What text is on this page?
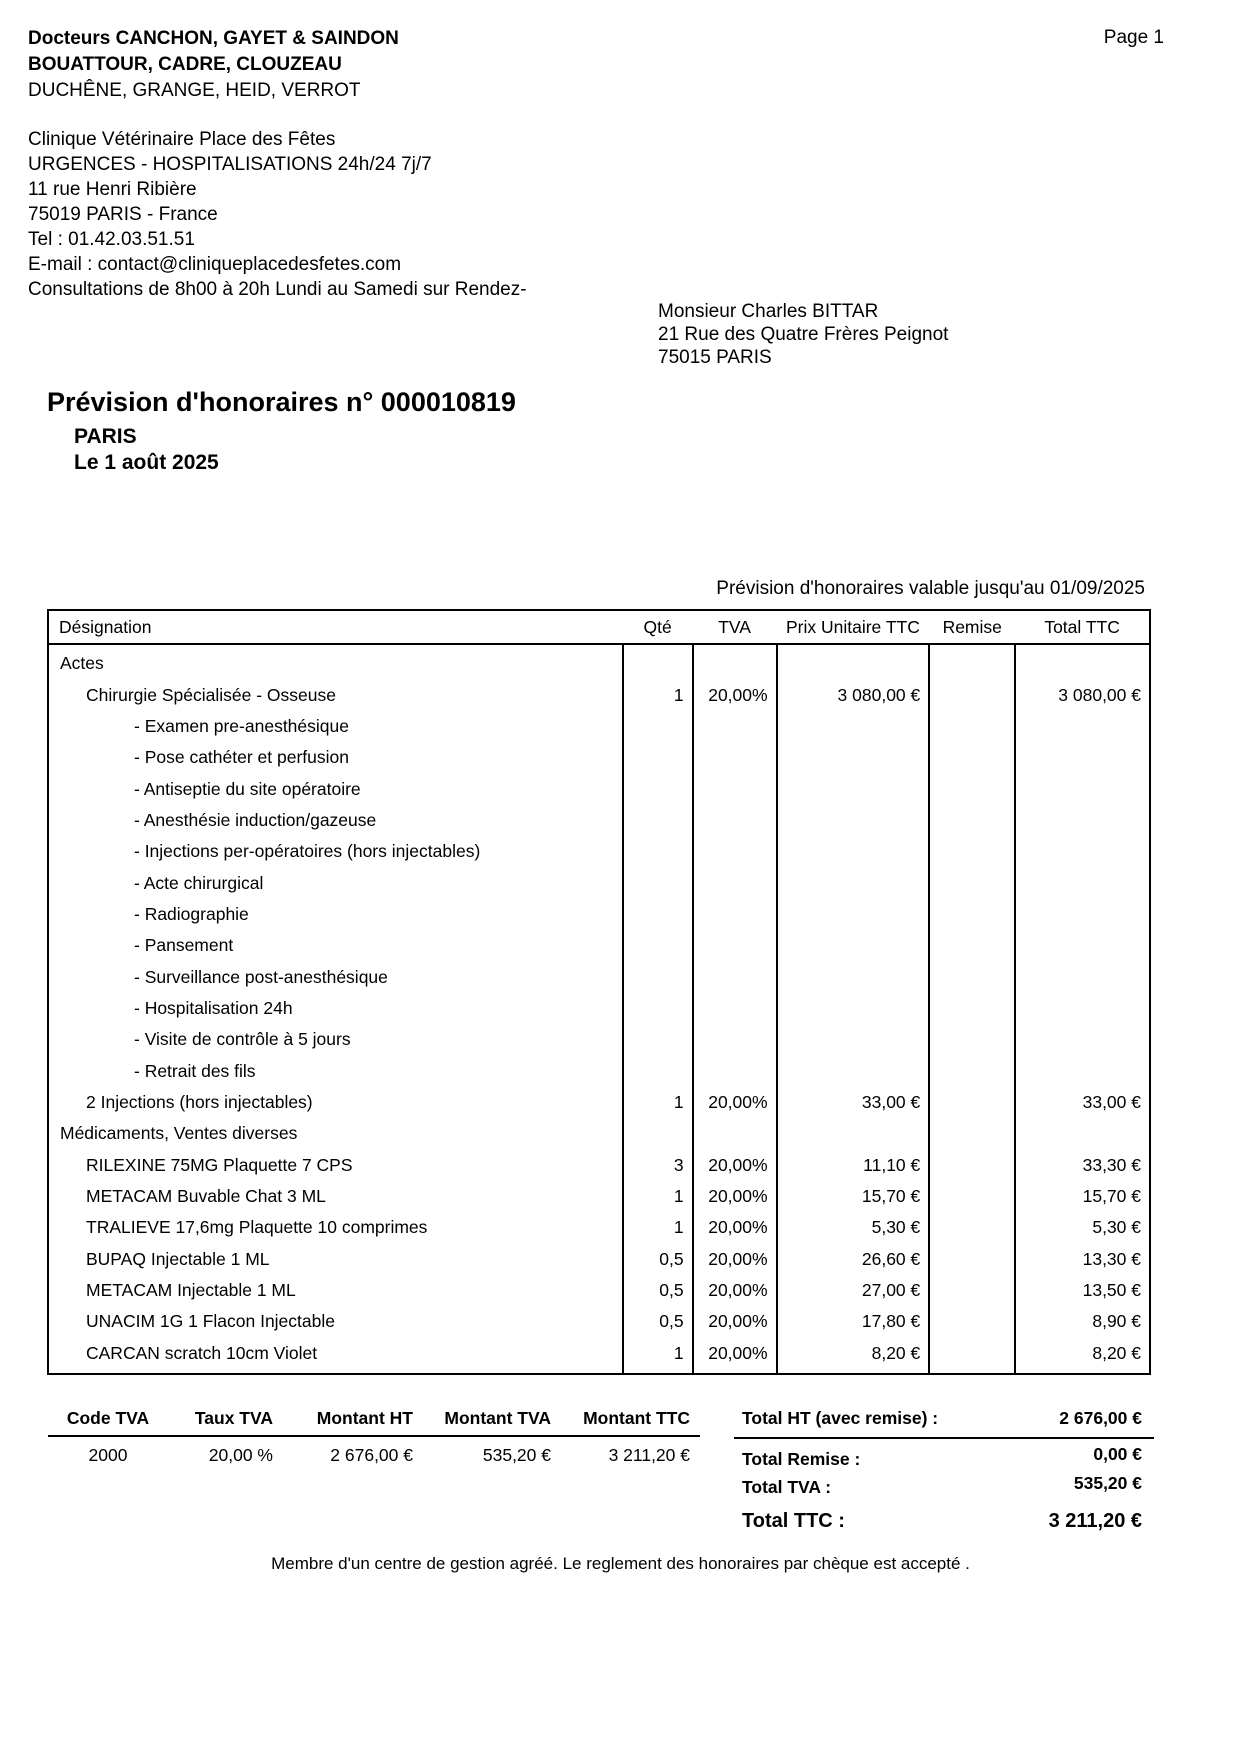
Docteurs CANCHON, GAYET & SAINDON
BOUATTOUR, CADRE, CLOUZEAU
DUCHÊNE, GRANGE, HEID, VERROT
Page 1
Clinique Vétérinaire Place des Fêtes
URGENCES - HOSPITALISATIONS 24h/24 7j/7
11 rue Henri Ribière
75019 PARIS - France
Tel : 01.42.03.51.51
E-mail : contact@cliniqueplacedesfetes.com
Consultations de 8h00 à 20h Lundi au Samedi sur Rendez-
Monsieur Charles BITTAR
21 Rue des Quatre Frères Peignot
75015 PARIS
Prévision d'honoraires n° 000010819
PARIS
Le 1 août 2025
Prévision d'honoraires valable jusqu'au 01/09/2025
Désignation	Qté	TVA	Prix Unitaire TTC	Remise	Total TTC
Actes					
Chirurgie Spécialisée - Osseuse	1	20,00%	3 080,00 €		3 080,00 €
- Examen pre-anesthésique					
- Pose cathéter et perfusion					
- Antiseptie du site opératoire					
- Anesthésie induction/gazeuse					
- Injections per-opératoires (hors injectables)					
- Acte chirurgical					
- Radiographie					
- Pansement					
- Surveillance post-anesthésique					
- Hospitalisation 24h					
- Visite de contrôle à 5 jours					
- Retrait des fils					
2 Injections (hors injectables)	1	20,00%	33,00 €		33,00 €
Médicaments, Ventes diverses					
RILEXINE 75MG Plaquette 7 CPS	3	20,00%	11,10 €		33,30 €
METACAM Buvable Chat 3 ML	1	20,00%	15,70 €		15,70 €
TRALIEVE 17,6mg Plaquette 10 comprimes	1	20,00%	5,30 €		5,30 €
BUPAQ Injectable 1 ML	0,5	20,00%	26,60 €		13,30 €
METACAM Injectable 1 ML	0,5	20,00%	27,00 €		13,50 €
UNACIM 1G 1 Flacon Injectable	0,5	20,00%	17,80 €		8,90 €
CARCAN scratch 10cm Violet	1	20,00%	8,20 €		8,20 €
Code TVA	Taux TVA	Montant HT	Montant TVA	Montant TTC
2000	20,00 %	2 676,00 €	535,20 €	3 211,20 €
Total HT (avec remise) :	2 676,00 €
Total Remise :	0,00 €
Total TVA :	535,20 €
Total TTC :	3 211,20 €
Membre d'un centre de gestion agréé. Le reglement des honoraires par chèque est accepté .
